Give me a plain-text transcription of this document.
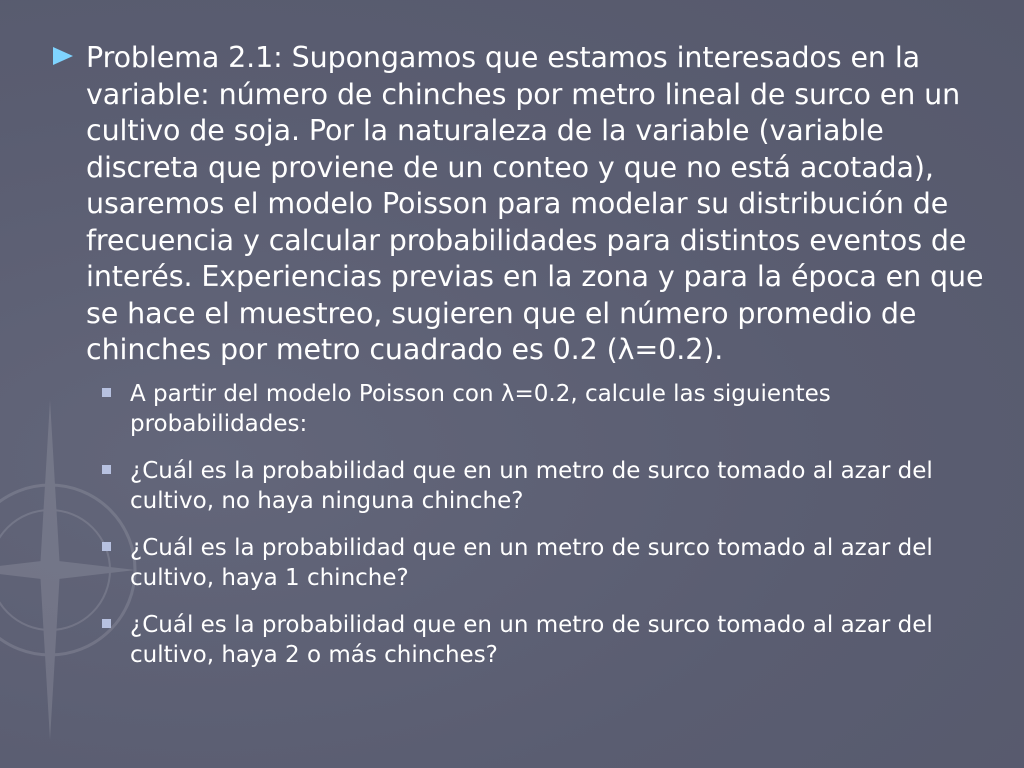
Problema 2.1: Supongamos que estamos interesados en la variable: número de chinches por metro lineal de surco en un cultivo de soja. Por la naturaleza de la variable (variable discreta que proviene de un conteo y que no está acotada), usaremos el modelo Poisson para modelar su distribución de frecuencia y calcular probabilidades para distintos eventos de interés. Experiencias previas en la zona y para la época en que se hace el muestreo, sugieren que el número promedio de chinches por metro cuadrado es 0.2 (λ=0.2).
A partir del modelo Poisson con λ=0.2, calcule las siguientes probabilidades:
¿Cuál es la probabilidad que en un metro de surco tomado al azar del cultivo, no haya ninguna chinche?
¿Cuál es la probabilidad que en un metro de surco tomado al azar del cultivo, haya 1 chinche?
¿Cuál es la probabilidad que en un metro de surco tomado al azar del cultivo, haya 2 o más chinches?
